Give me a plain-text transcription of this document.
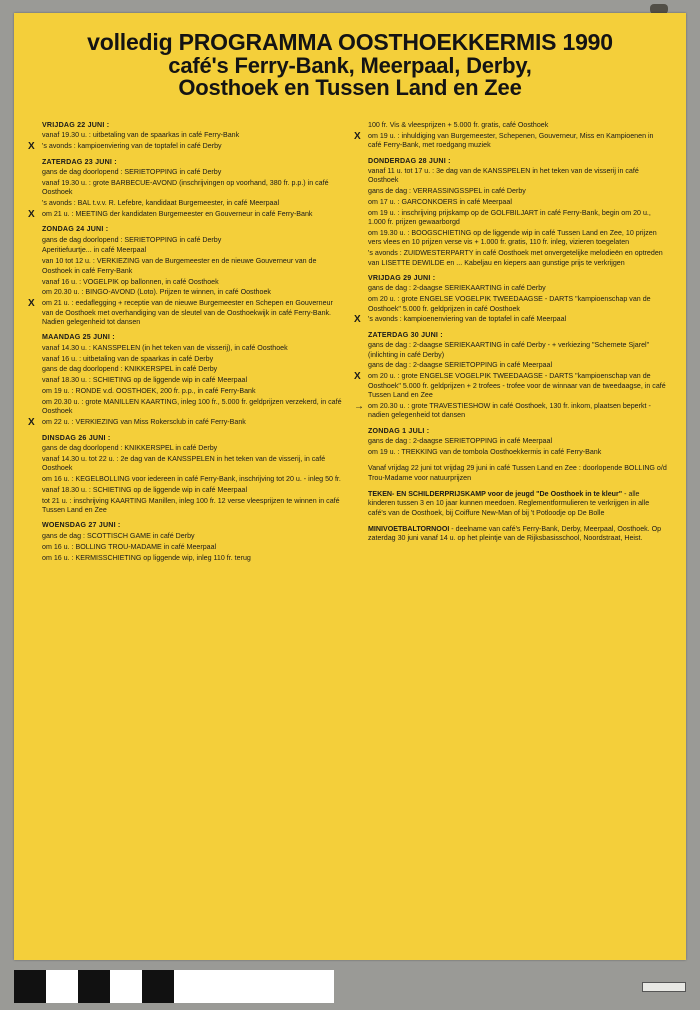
volledig PROGRAMMA OOSTHOEKKERMIS 1990
café's Ferry-Bank, Meerpaal, Derby,
Oosthoek en Tussen Land en Zee
VRIJDAG 22 JUNI :
vanaf 19.30 u. : uitbetaling van de spaarkas in café Ferry-Bank
X 's avonds : kampioenviering van de toptafel in café Derby
ZATERDAG 23 JUNI :
gans de dag doorlopend : SERIETOPPING in café Derby
vanaf 19.30 u. : grote BARBECUE-AVOND (inschrijvingen op voorhand, 380 fr. p.p.) in café Oosthoek
's avonds : BAL t.v.v. R. Lefebre, kandidaat Burgemeester, in café Meerpaal
X om 21 u. : MEETING der kandidaten Burgemeester en Gouverneur in café Ferry-Bank
ZONDAG 24 JUNI :
gans de dag doorlopend : SERIETOPPING in café Derby
Aperitiefuurtje... in café Meerpaal
van 10 tot 12 u. : VERKIEZING van de Burgemeester en de nieuwe Gouverneur van de Oosthoek in café Ferry-Bank
vanaf 16 u. : VOGELPIK op ballonnen, in café Oosthoek
om 20.30 u. : BINGO-AVOND (Loto). Prijzen te winnen, in café Oosthoek
X om 21 u. : eedaflegging + receptie van de nieuwe Burgemeester en Schepen en Gouverneur van de Oosthoek met overhandiging van de sleutel van de Oosthoekwijk in café Ferry-Bank. Nadien gelegenheid tot dansen
MAANDAG 25 JUNI :
vanaf 14.30 u. : KANSSPELEN (in het teken van de visserij), in café Oosthoek
vanaf 16 u. : uitbetaling van de spaarkas in café Derby
gans de dag doorlopend : KNIKKERSPEL in café Derby
vanaf 18.30 u. : SCHIETING op de liggende wip in café Meerpaal
om 19 u. : RONDE v.d. OOSTHOEK, 200 fr. p.p., in café Ferry-Bank
om 20.30 u. : grote MANILLEN KAARTING, inleg 100 fr., 5.000 fr. geldprijzen verzekerd, in café Oosthoek
X om 22 u. : VERKIEZING van Miss Rokersclub in café Ferry-Bank
DINSDAG 26 JUNI :
gans de dag doorlopend : KNIKKERSPEL in café Derby
vanaf 14.30 u. tot 22 u. : 2e dag van de KANSSPELEN in het teken van de visserij, in café Oosthoek
om 16 u. : KEGELBOLLING voor iedereen in café Ferry-Bank, inschrijving tot 20 u. - inleg 50 fr.
vanaf 18.30 u. : SCHIETING op de liggende wip in café Meerpaal
tot 21 u. : inschrijving KAARTING Manillen, inleg 100 fr. 12 verse vleesprijzen te winnen in café Tussen Land en Zee
WOENSDAG 27 JUNI :
gans de dag : SCOTTISCH GAME in café Derby
om 16 u. : BOLLING TROU-MADAME in café Meerpaal
om 16 u. : KERMISSCHIETING op liggende wip, inleg 110 fr. terug
100 fr. Vis & vleesprijzen + 5.000 fr. gratis, café Oosthoek
X om 19 u. : inhuldiging van Burgemeester, Schepenen, Gouverneur, Miss en Kampioenen in café Ferry-Bank, met roedgang muziek
DONDERDAG 28 JUNI :
vanaf 11 u. tot 17 u. : 3e dag van de KANSSPELEN in het teken van de visserij in café Oosthoek
gans de dag : VERRASSINGSSPEL in café Derby
om 17 u. : GARCONKOERS in café Meerpaal
om 19 u. : inschrijving prijskamp op de GOLFBILJART in café Ferry-Bank, begin om 20 u., 1.000 fr. prijzen gewaarborgd
om 19.30 u. : BOOGSCHIETING op de liggende wip in café Tussen Land en Zee, 10 prijzen vers vlees en 10 prijzen verse vis + 1.000 fr. gratis, 110 fr. inleg, vizieren toegelaten
's avonds : ZUIDWESTERPARTY in café Oosthoek met onvergetelijke melodieën en optreden van LISETTE DEWILDE en ... Kabeljau en kiepers aan gunstige prijs te verkrijgen
VRIJDAG 29 JUNI :
gans de dag : 2-daagse SERIEKAARTING in café Derby
om 20 u. : grote ENGELSE VOGELPIK TWEEDAAGSE - DARTS "kampioenschap van de Oosthoek" 5.000 fr. geldprijzen in café Oosthoek
X 's avonds : kampioenenviering van de toptafel in café Meerpaal
ZATERDAG 30 JUNI :
gans de dag : 2-daagse SERIEKAARTING in café Derby - + verkiezing "Schemete Sjarel" (inlichting in café Derby)
gans de dag : 2-daagse SERIETOPPING in café Meerpaal
X om 20 u. : grote ENGELSE VOGELPIK TWEEDAAGSE - DARTS "kampioenschap van de Oosthoek" 5.000 fr. geldprijzen + 2 trofees - trofee voor de winnaar van de tweedaagse, in café Tussen Land en Zee
→ om 20.30 u. : grote TRAVESTIESHOW in café Oosthoek, 130 fr. inkom, plaatsen beperkt - nadien gelegenheid tot dansen
ZONDAG 1 JULI :
gans de dag : 2-daagse SERIETOPPING in café Meerpaal
om 19 u. : TREKKING van de tombola Oosthoekkermis in café Ferry-Bank
Vanaf vrijdag 22 juni tot vrijdag 29 juni in café Tussen Land en Zee : doorlopende BOLLING o/d Trou-Madame voor natuurprijzen
TEKEN- EN SCHILDERPRIJSKAMP voor de jeugd "De Oosthoek in te kleur" - alle kinderen tussen 3 en 10 jaar kunnen meedoen. Reglementformulieren te verkrijgen in alle café's van de Oosthoek, bij Coiffure New-Man of bij 't Potloodje op De Bolle
MINIVOETBALTORNOOI - deelname van café's Ferry-Bank, Derby, Meerpaal, Oosthoek. Op zaterdag 30 juni vanaf 14 u. op het pleintje van de Rijksbasisschool, Noordstraat, Heist.
